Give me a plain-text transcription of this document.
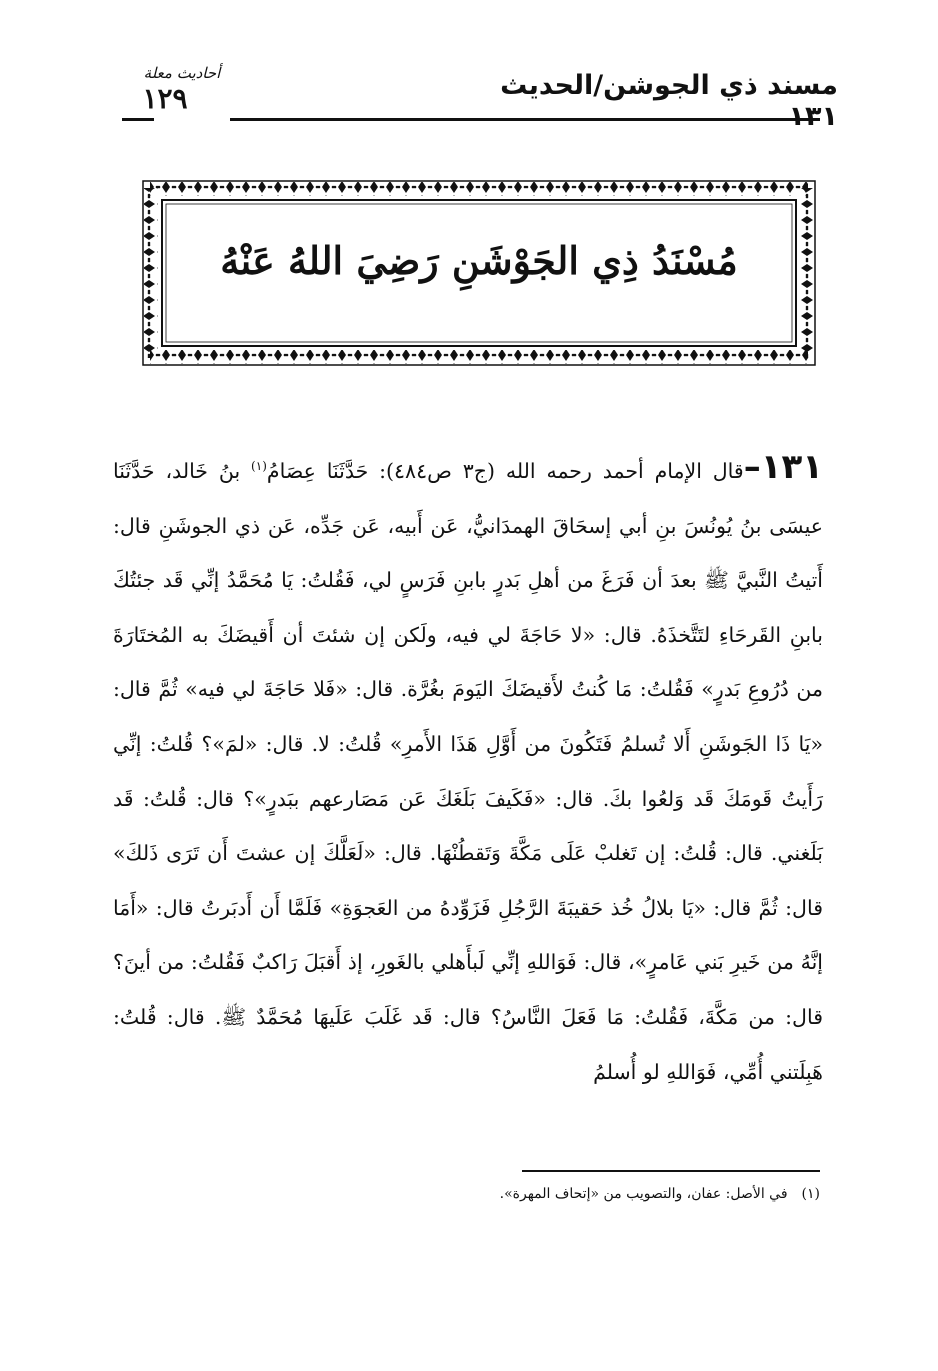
مسند ذي الجوشن/الحديث ١٣١
أحاديث معلة
١٢٩
مُسْنَدُ ذِي الجَوْشَنِ رَضِيَ اللهُ عَنْهُ
١٣١–قال الإمام أحمد رحمه الله (ج٣ ص٤٨٤): حَدَّثَنَا عِصَامُ$^{(١)}$ بنُ خَالد، حَدَّثَنَا عيسَى بنُ يُونُسَ بنِ أبي إسحَاقَ الهمدَانيُّ، عَن أَبيه، عَن جَدِّه، عَن ذي الجوشَنِ قال: أَتيتُ النَّبيَّ ﷺ بعدَ أن فَرَغَ من أهلِ بَدرٍ بابنِ فَرَسٍ لي، فَقُلتُ: يَا مُحَمَّدُ إنِّي قَد جئتُكَ بابنِ القَرحَاءِ لتَتَّخذَهُ. قال: «لا حَاجَةَ لي فيه، ولَكن إن شئتَ أن أَقيضَكَ به المُختَارَةَ من دُرُوعِ بَدرٍ» فَقُلتُ: مَا كُنتُ لأَقيضَكَ اليَومَ بغُرَّة. قال: «فَلا حَاجَةَ لي فيه» ثُمَّ قال: «يَا ذَا الجَوشَنِ أَلا تُسلمُ فَتَكُونَ من أَوَّلِ هَذَا الأَمرِ» قُلتُ: لا. قال: «لمَ»؟ قُلتُ: إنِّي رَأَيتُ قَومَكَ قَد وَلعُوا بكَ. قال: «فَكَيفَ بَلَغَكَ عَن مَصَارعهم ببَدرٍ»؟ قال: قُلتُ: قَد بَلَغني. قال: قُلتُ: إن تَغلبْ عَلَى مَكَّةَ وَتَقطُنْهَا. قال: «لَعَلَّكَ إن عشتَ أَن تَرَى ذَلكَ» قال: ثُمَّ قال: «يَا بلالُ خُذ حَقيبَةَ الرَّجُلِ فَزَوِّدهُ من العَجوَةِ» فَلَمَّا أَن أَدبَرتُ قال: «أَمَا إنَّهُ من خَيرِ بَني عَامرٍ»، قال: فَوَاللهِ إنِّي لَبأَهلي بالغَورِ، إذ أَقبَلَ رَاكبٌ فَقُلتُ: من أينَ؟ قال: من مَكَّةَ، فَقُلتُ: مَا فَعَلَ النَّاسُ؟ قال: قَد غَلَبَ عَلَيهَا مُحَمَّدٌ ﷺ. قال: قُلتُ: هَبِلَتني أُمِّي، فَوَاللهِ لو أُسلمُ
(١)في الأصل: عفان، والتصويب من «إتحاف المهرة».
